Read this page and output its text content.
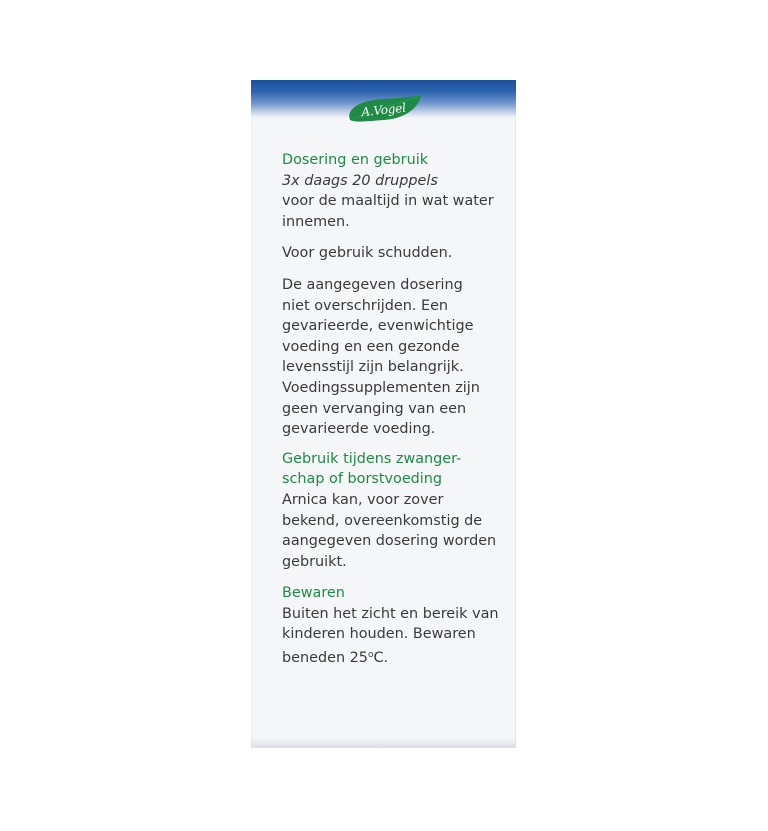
A.Vogel

Dosering en gebruik

3x daags 20 druppels

voor de maaltijd in wat water

innemen.

Voor gebruik schudden.

De aangegeven dosering

niet overschrijden. Een

gevarieerde, evenwichtige

voeding en een gezonde

levensstijl zijn belangrijk.

Voedingssupplementen zijn

geen vervanging van een

gevarieerde voeding.

Gebruik tijdens zwanger-

schap of borstvoeding

Arnica kan, voor zover

bekend, overeenkomstig de

aangegeven dosering worden

gebruikt.

Bewaren

Buiten het zicht en bereik van

kinderen houden. Bewaren

beneden 25$^o$C.
